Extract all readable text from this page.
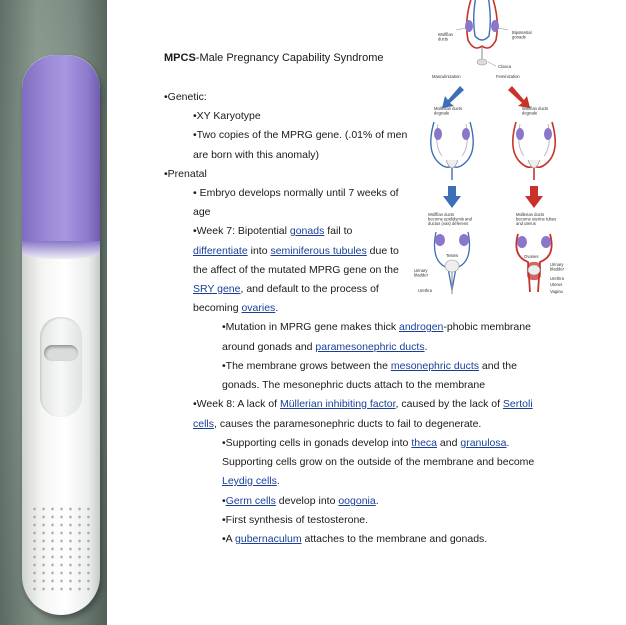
Wolffian ducts
Bipotential gonads
Cloaca
Masculinization	Feminization
Müllerian ducts degrade
Wolffian ducts degrade
Wolffian ducts become epididymis and ductus (vas) deferens
Müllerian ducts become uterine tubes and uterus
Testes
Urinary bladder
Urethra
Ovaries
Urinary bladder
Urethra
Uterus
Vagina
MPCS-Male Pregnancy Capability Syndrome
•Genetic:
•XY Karyotype
•Two copies of the MPRG gene. (.01% of men
are born with this anomaly)
•Prenatal
• Embryo develops normally until 7 weeks of
age
•Week 7: Bipotential gonads fail to
differentiate into seminiferous tubules due to
the affect of the mutated MPRG gene on the
SRY gene, and default to the process of
becoming ovaries.
•Mutation in MPRG gene makes thick androgen-phobic membrane
around gonads and paramesonephric ducts.
•The membrane grows between the mesonephric ducts and the
gonads. The mesonephric ducts attach to the membrane
•Week 8: A lack of Müllerian inhibiting factor, caused by the lack of Sertoli
cells, causes the paramesonephric ducts to fail to degenerate.
•Supporting cells in gonads develop into theca and granulosa.
Supporting cells grow on the outside of the membrane and become
Leydig cells.
•Germ cells develop into oogonia.
•First synthesis of testosterone.
•A gubernaculum attaches to the membrane and gonads.
